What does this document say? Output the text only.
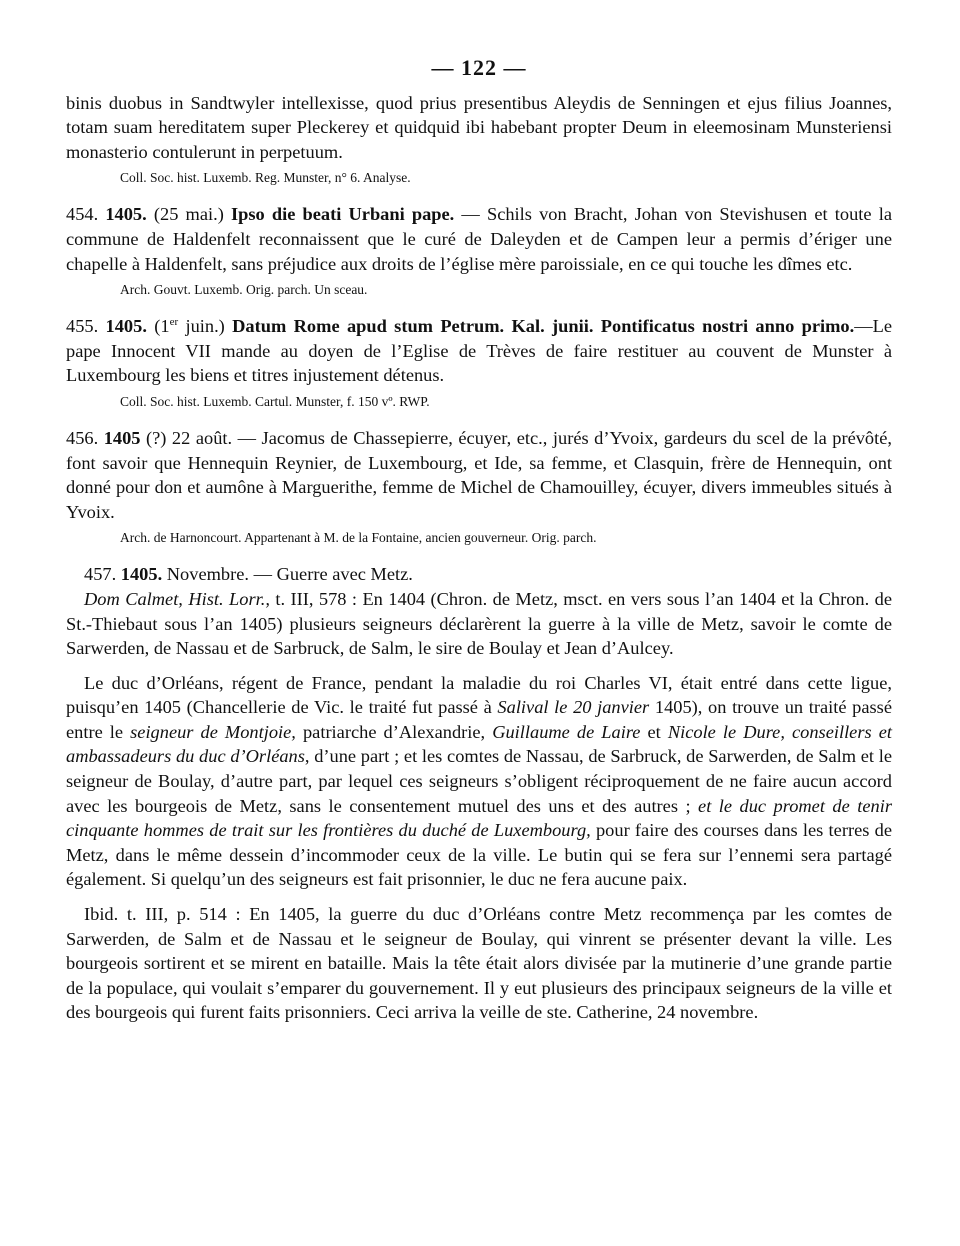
— 122 —

binis duobus in Sandtwyler intellexisse, quod prius presentibus Aleydis de Senningen et ejus filius Joannes, totam suam hereditatem super Pleckerey et quidquid ibi habebant propter Deum in eleemosinam Munsteriensi monasterio contulerunt in perpetuum.

Coll. Soc. hist. Luxemb. Reg. Munster, n° 6. Analyse.

454. 1405. (25 mai.) Ipso die beati Urbani pape. — Schils von Bracht, Johan von Stevishusen et toute la commune de Haldenfelt reconnaissent que le curé de Daleyden et de Campen leur a permis d’ériger une chapelle à Haldenfelt, sans préjudice aux droits de l’église mère paroissiale, en ce qui touche les dîmes etc.

Arch. Gouvt. Luxemb. Orig. parch. Un sceau.

455. 1405. (1er juin.) Datum Rome apud stum Petrum. Kal. junii. Pontificatus nostri anno primo.—Le pape Innocent VII mande au doyen de l’Eglise de Trèves de faire restituer au couvent de Munster à Luxembourg les biens et titres injustement détenus.

Coll. Soc. hist. Luxemb. Cartul. Munster, f. 150 vº. RWP.

456. 1405 (?) 22 août. — Jacomus de Chassepierre, écuyer, etc., jurés d’Yvoix, gardeurs du scel de la prévôté, font savoir que Hennequin Reynier, de Luxembourg, et Ide, sa femme, et Clasquin, frère de Hennequin, ont donné pour don et aumône à Marguerithe, femme de Michel de Chamouilley, écuyer, divers immeubles situés à Yvoix.

Arch. de Harnoncourt. Appartenant à M. de la Fontaine, ancien gouverneur. Orig. parch.

457. 1405. Novembre. — Guerre avec Metz.

Dom Calmet, Hist. Lorr., t. III, 578 : En 1404 (Chron. de Metz, msct. en vers sous l’an 1404 et la Chron. de St.-Thiebaut sous l’an 1405) plusieurs seigneurs déclarèrent la guerre à la ville de Metz, savoir le comte de Sarwerden, de Nassau et de Sarbruck, de Salm, le sire de Boulay et Jean d’Aulcey.

Le duc d’Orléans, régent de France, pendant la maladie du roi Charles VI, était entré dans cette ligue, puisqu’en 1405 (Chancellerie de Vic. le traité fut passé à Salival le 20 janvier 1405), on trouve un traité passé entre le seigneur de Montjoie, patriarche d’Alexandrie, Guillaume de Laire et Nicole le Dure, conseillers et ambassadeurs du duc d’Orléans, d’une part ; et les comtes de Nassau, de Sarbruck, de Sarwerden, de Salm et le seigneur de Boulay, d’autre part, par lequel ces seigneurs s’obligent réciproquement de ne faire aucun accord avec les bourgeois de Metz, sans le consentement mutuel des uns et des autres ; et le duc promet de tenir cinquante hommes de trait sur les frontières du duché de Luxembourg, pour faire des courses dans les terres de Metz, dans le même dessein d’incommoder ceux de la ville. Le butin qui se fera sur l’ennemi sera partagé également. Si quelqu’un des seigneurs est fait prisonnier, le duc ne fera aucune paix.

Ibid. t. III, p. 514 : En 1405, la guerre du duc d’Orléans contre Metz recommença par les comtes de Sarwerden, de Salm et de Nassau et le seigneur de Boulay, qui vinrent se présenter devant la ville. Les bourgeois sortirent et se mirent en bataille. Mais la tête était alors divisée par la mutinerie d’une grande partie de la populace, qui voulait s’emparer du gouvernement. Il y eut plusieurs des principaux seigneurs de la ville et des bourgeois qui furent faits prisonniers. Ceci arriva la veille de ste. Catherine, 24 novembre.
